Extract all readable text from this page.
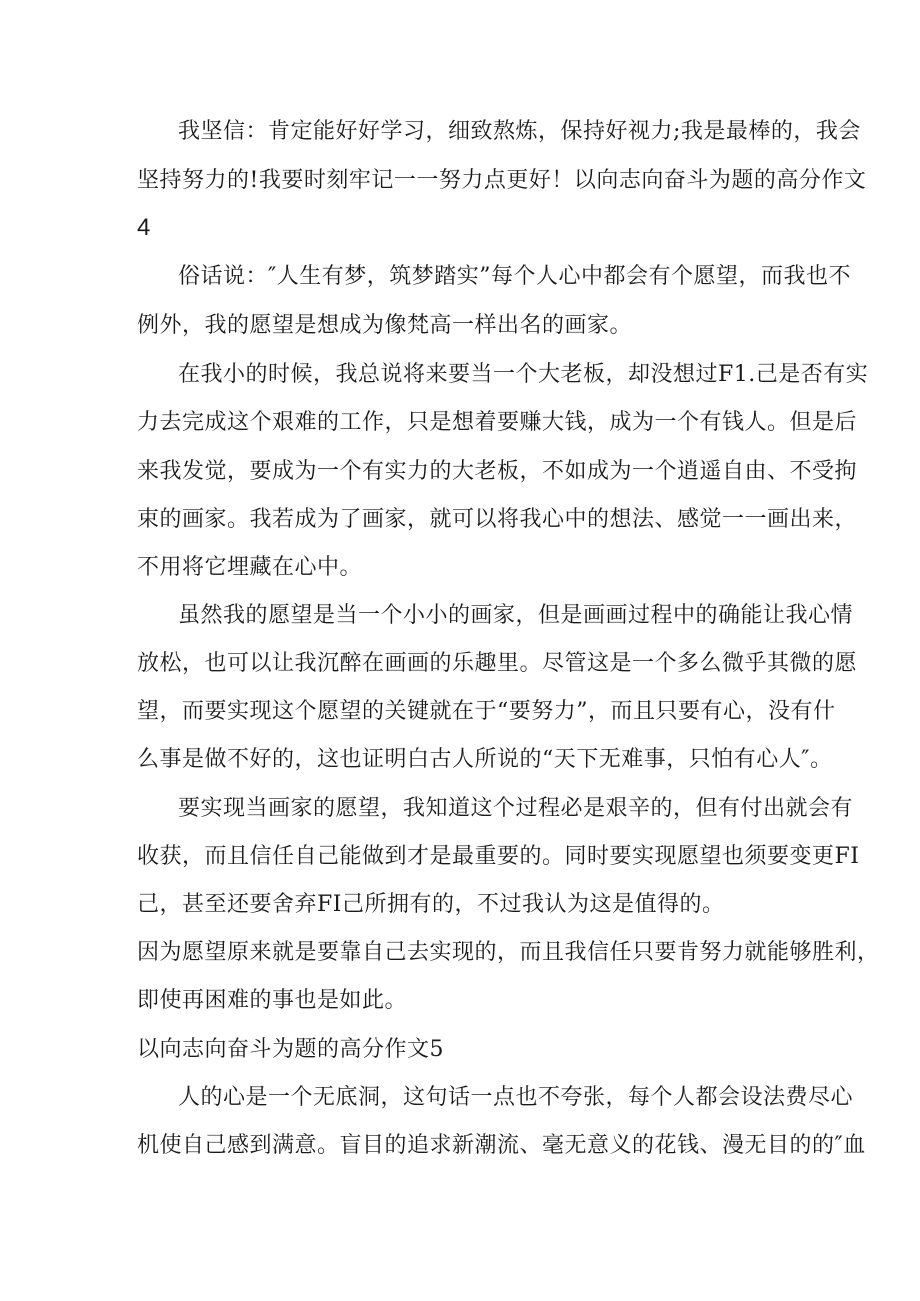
我坚信：肯定能好好学习，细致熬炼，保持好视力;我是最棒的，我会
坚持努力的!我要时刻牢记一一努力点更好！以向志向奋斗为题的高分作文
4
俗话说：″人生有梦，筑梦踏实”每个人心中都会有个愿望，而我也不
例外，我的愿望是想成为像梵高一样出名的画家。
在我小的时候，我总说将来要当一个大老板，却没想过F1.己是否有实
力去完成这个艰难的工作，只是想着要赚大钱，成为一个有钱人。但是后
来我发觉，要成为一个有实力的大老板，不如成为一个逍遥自由、不受拘
束的画家。我若成为了画家，就可以将我心中的想法、感觉一一画出来，
不用将它埋藏在心中。
虽然我的愿望是当一个小小的画家，但是画画过程中的确能让我心情
放松，也可以让我沉醉在画画的乐趣里。尽管这是一个多么微乎其微的愿
望，而要实现这个愿望的关键就在于“要努力”，而且只要有心，没有什
么事是做不好的，这也证明白古人所说的“天下无难事，只怕有心人″。
要实现当画家的愿望，我知道这个过程必是艰辛的，但有付出就会有
收获，而且信任自己能做到才是最重要的。同时要实现愿望也须要变更FI
己，甚至还要舍弃FI己所拥有的，不过我认为这是值得的。
因为愿望原来就是要靠自己去实现的，而且我信任只要肯努力就能够胜利，
即使再困难的事也是如此。
以向志向奋斗为题的高分作文5
人的心是一个无底洞，这句话一点也不夸张，每个人都会设法费尽心
机使自己感到满意。盲目的追求新潮流、毫无意义的花钱、漫无目的的″血
